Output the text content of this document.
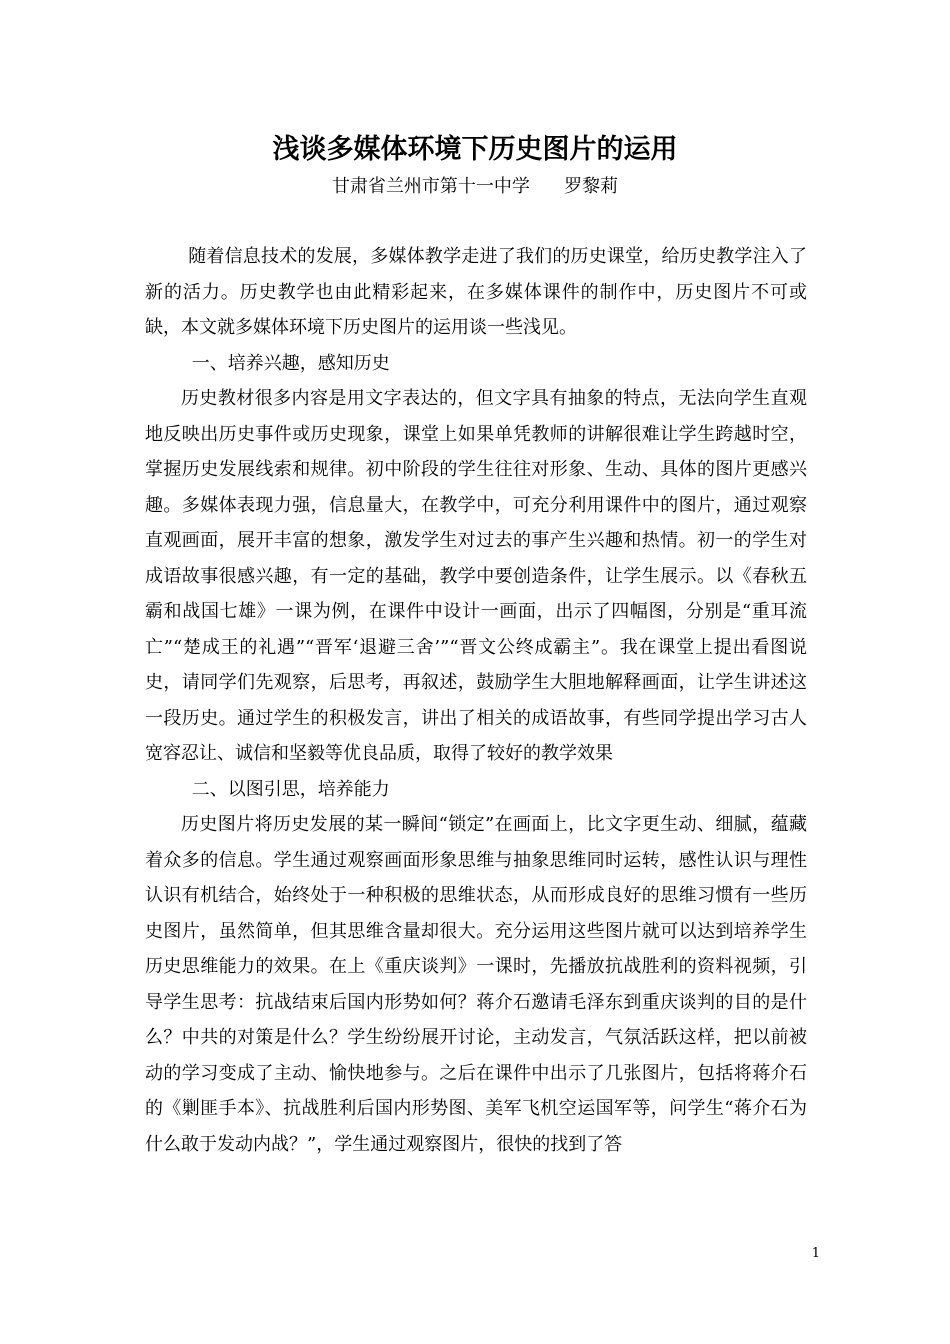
浅谈多媒体环境下历史图片的运用
甘肃省兰州市第十一中学      罗黎莉

随着信息技术的发展，多媒体教学走进了我们的历史课堂，给历史教学注入了新的活力。历史教学也由此精彩起来，在多媒体课件的制作中，历史图片不可或缺，本文就多媒体环境下历史图片的运用谈一些浅见。

一、培养兴趣，感知历史

历史教材很多内容是用文字表达的，但文字具有抽象的特点，无法向学生直观地反映出历史事件或历史现象，课堂上如果单凭教师的讲解很难让学生跨越时空，掌握历史发展线索和规律。初中阶段的学生往往对形象、生动、具体的图片更感兴趣。多媒体表现力强，信息量大，在教学中，可充分利用课件中的图片，通过观察直观画面，展开丰富的想象，激发学生对过去的事产生兴趣和热情。初一的学生对成语故事很感兴趣，有一定的基础，教学中要创造条件，让学生展示。以《春秋五霸和战国七雄》一课为例，在课件中设计一画面，出示了四幅图，分别是“重耳流亡”“楚成王的礼遇”“晋军‘退避三舍’”“晋文公终成霸主”。我在课堂上提出看图说史，请同学们先观察，后思考，再叙述，鼓励学生大胆地解释画面，让学生讲述这一段历史。通过学生的积极发言，讲出了相关的成语故事，有些同学提出学习古人宽容忍让、诚信和坚毅等优良品质，取得了较好的教学效果

二、以图引思，培养能力

历史图片将历史发展的某一瞬间“锁定”在画面上，比文字更生动、细腻，蕴藏着众多的信息。学生通过观察画面形象思维与抽象思维同时运转，感性认识与理性认识有机结合，始终处于一种积极的思维状态，从而形成良好的思维习惯有一些历史图片，虽然简单，但其思维含量却很大。充分运用这些图片就可以达到培养学生历史思维能力的效果。在上《重庆谈判》一课时，先播放抗战胜利的资料视频，引导学生思考：抗战结束后国内形势如何？蒋介石邀请毛泽东到重庆谈判的目的是什么？中共的对策是什么？学生纷纷展开讨论，主动发言，气氛活跃这样，把以前被动的学习变成了主动、愉快地参与。之后在课件中出示了几张图片，包括将蒋介石的《剿匪手本》、抗战胜利后国内形势图、美军飞机空运国军等，问学生“蒋介石为什么敢于发动内战？”，学生通过观察图片，很快的找到了答

1
